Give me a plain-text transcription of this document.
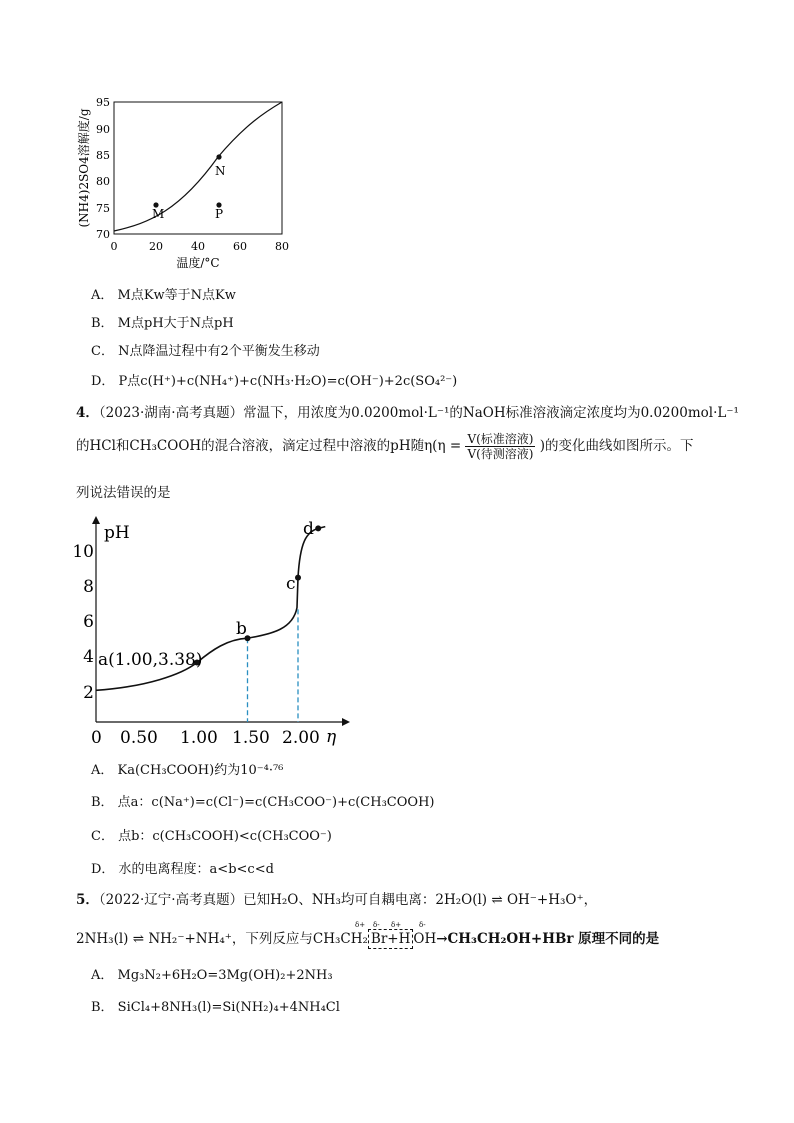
M
N
P
70
75
80
85
90
95
0	20	40	60	80
温度/°C
(NH4)2SO4溶解度/g
A． M点Kw等于N点Kw
B． M点pH大于N点pH
C． N点降温过程中有2个平衡发生移动
D． P点c(H⁺)+c(NH₄⁺)+c(NH₃·H₂O)=c(OH⁻)+2c(SO₄²⁻)
4．（2023·湖南·高考真题）常温下，用浓度为0.0200mol·L⁻¹的NaOH标准溶液滴定浓度均为0.0200mol·L⁻¹
的HCl和CH₃COOH的混合溶液，滴定过程中溶液的pH随$\eta(\eta = \frac{\text{V(标准溶液)}}{\text{V(待测溶液)}}$ )的变化曲线如图所示。下
列说法错误的是
0 0.50 1.00 1.50 2.00
2
4
6
8
10
pH
η
a(1.00,3.38)
b
c
d
A． Ka(CH₃COOH)约为10⁻⁴·⁷⁶
B． 点a：c(Na⁺)=c(Cl⁻)=c(CH₃COO⁻)+c(CH₃COOH)
C． 点b：c(CH₃COOH)<c(CH₃COO⁻)
D． 水的电离程度：a<b<c<d
5．（2022·辽宁·高考真题）已知H₂O、NH₃均可自耦电离：2H₂O(l) ⇌ OH⁻+H₃O⁺，
2NH₃(l) ⇌ NH₂⁻+NH₄⁺，下列反应与CH₃CH₂ Br+H OH→CH₃CH₂OH+HBr 原理不同的是
δ+ δ- δ+	δ-
A． Mg₃N₂+6H₂O=3Mg(OH)₂+2NH₃
B． SiCl₄+8NH₃(l)=Si(NH₂)₄+4NH₄Cl
